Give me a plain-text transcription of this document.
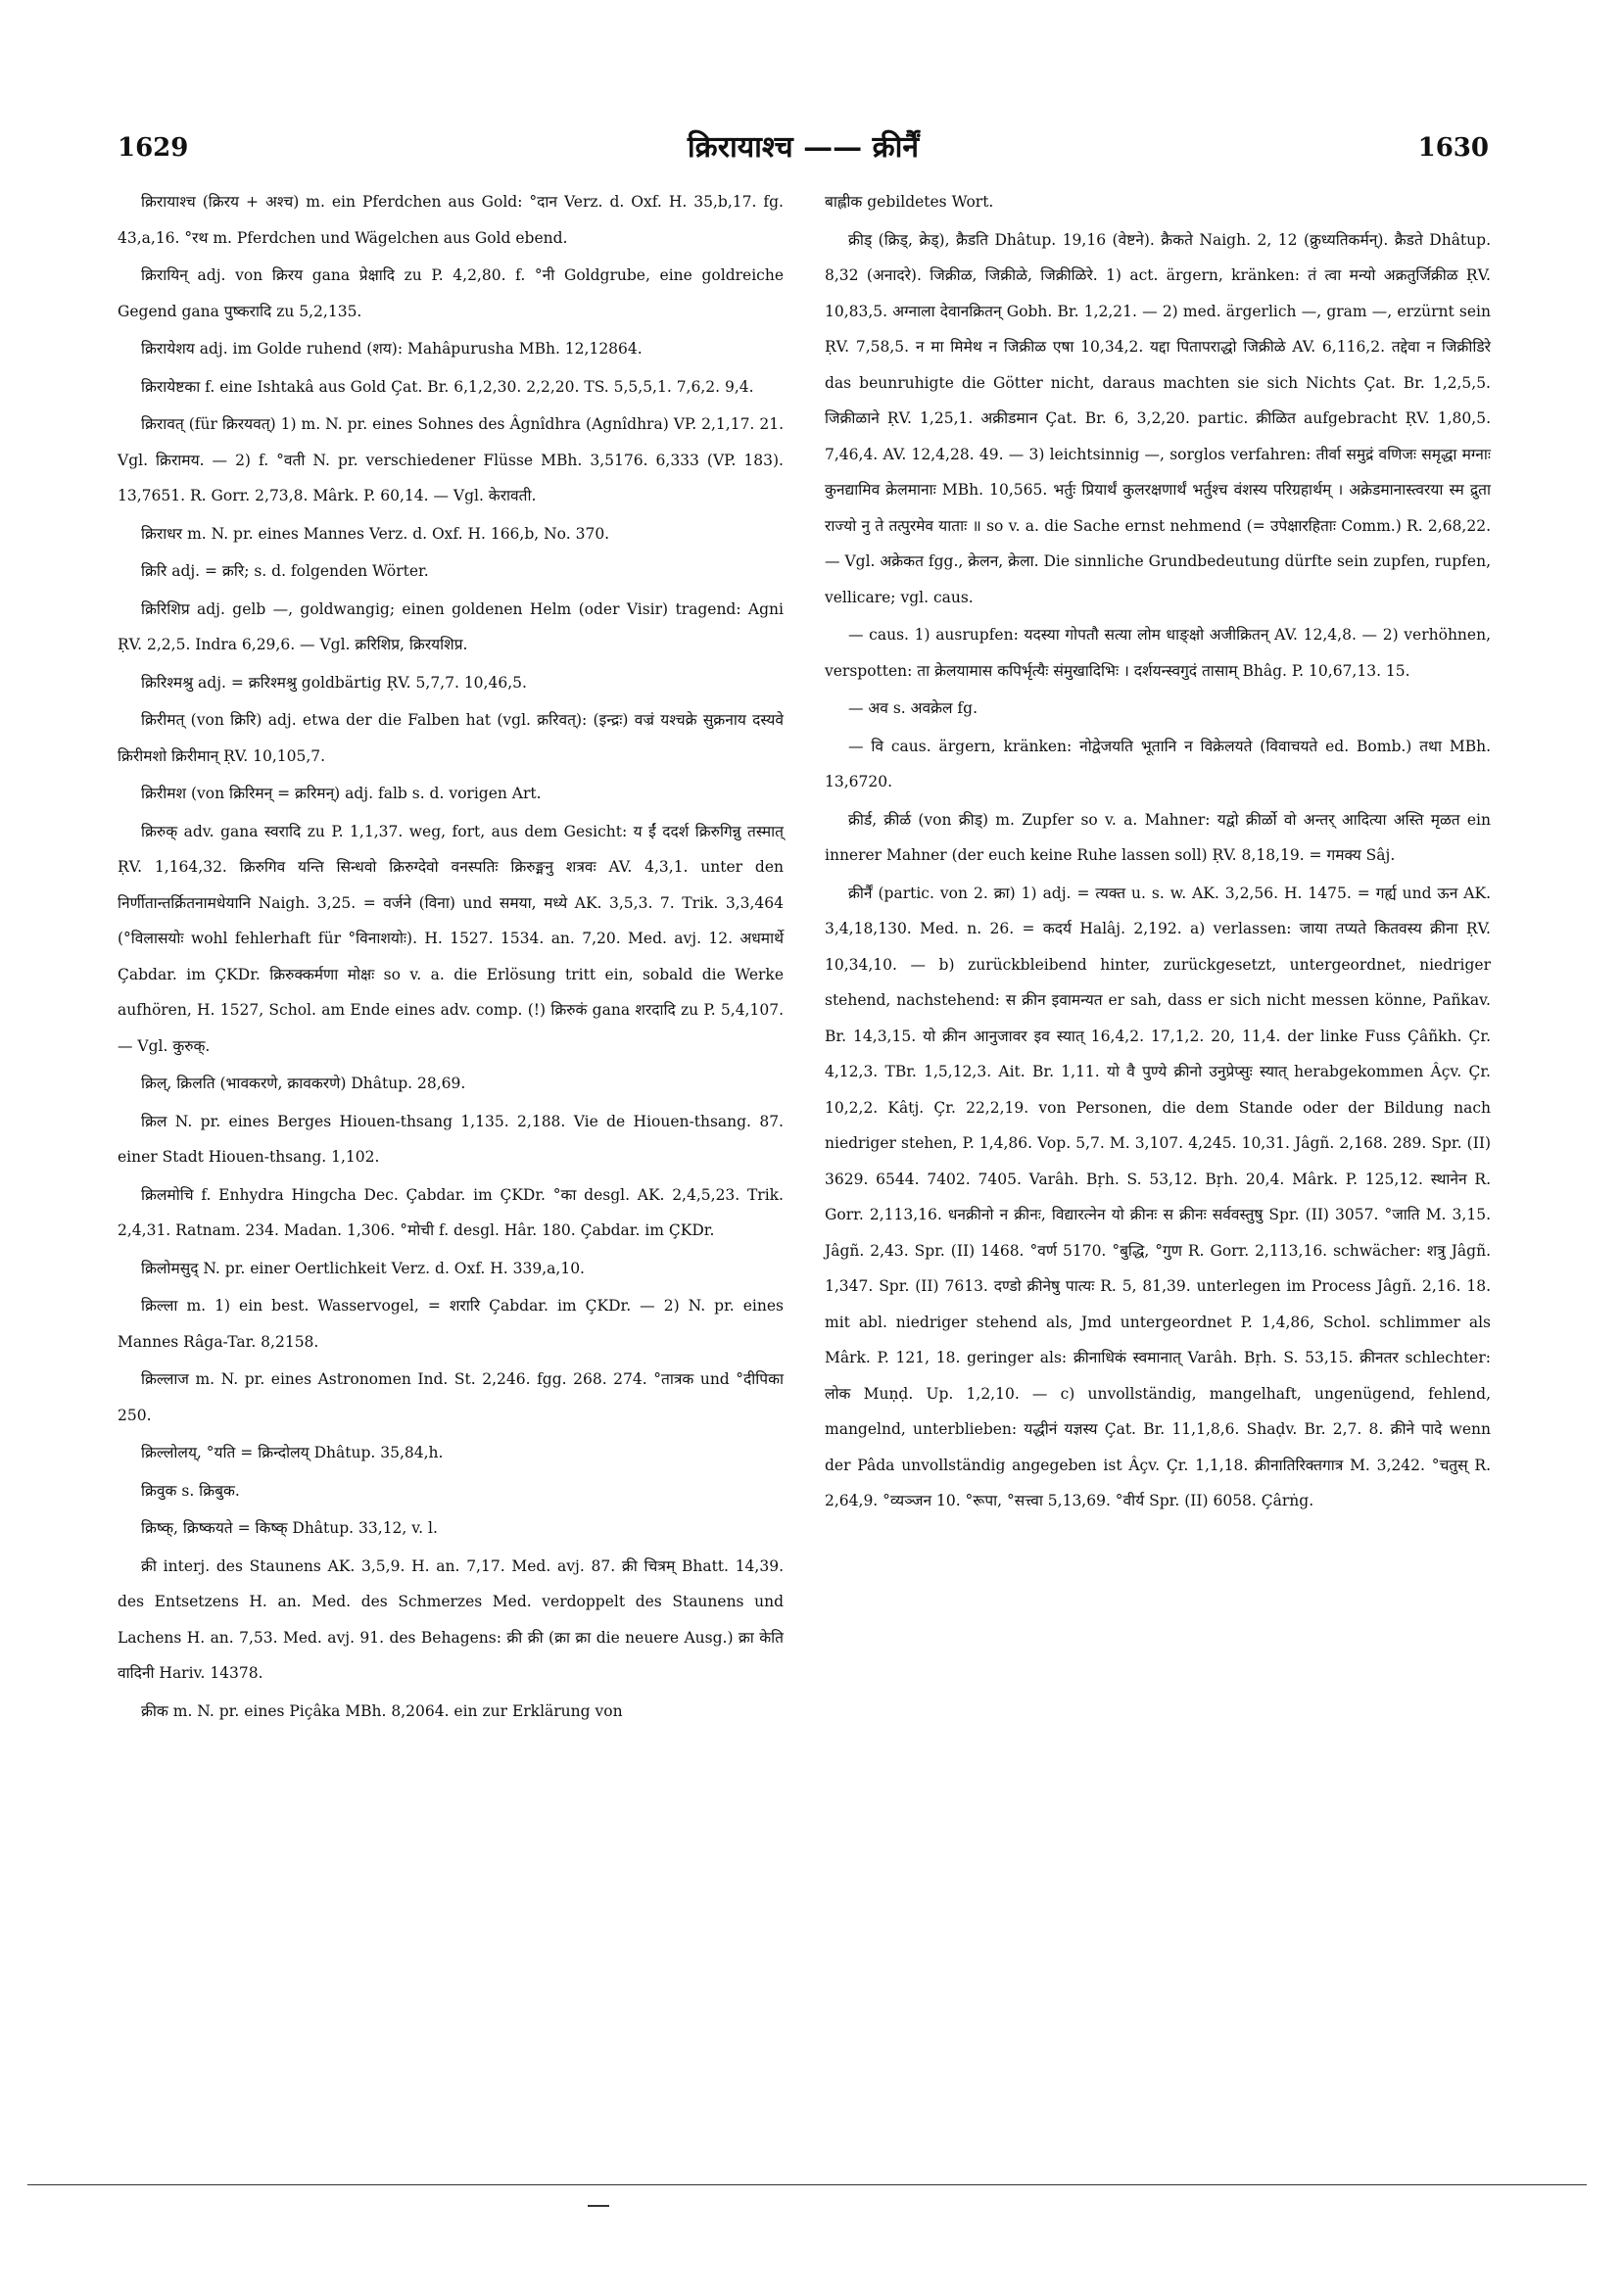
1629	क्रिरायाश्च —— क्रीर्नैं	1630

क्रिरायाश्च (क्रिरय + अश्च) m. ein Pferdchen aus Gold: °दान Verz. d. Oxf. H. 35,b,17. fg. 43,a,16. °रथ m. Pferdchen und Wägelchen aus Gold ebend.

क्रिरायिन् adj. von क्रिरय gana प्रेक्षादि zu P. 4,2,80. f. °नी Goldgrube, eine goldreiche Gegend gana पुष्करादि zu 5,2,135.

क्रिरायेशय adj. im Golde ruhend (शय): Mahâpurusha MBh. 12,12864.

क्रिरायेष्टका f. eine Ishtakâ aus Gold Çat. Br. 6,1,2,30. 2,2,20. TS. 5,5,5,1. 7,6,2. 9,4.

क्रिरावत् (für क्रिरयवत्) 1) m. N. pr. eines Sohnes des Âgnîdhra (Agnîdhra) VP. 2,1,17. 21. Vgl. क्रिरामय. — 2) f. °वती N. pr. verschiedener Flüsse MBh. 3,5176. 6,333 (VP. 183). 13,7651. R. Gorr. 2,73,8. Mârk. P. 60,14. — Vgl. केरावती.

क्रिराधर m. N. pr. eines Mannes Verz. d. Oxf. H. 166,b, No. 370.

क्रिरि adj. = क्ररि; s. d. folgenden Wörter.

क्रिरिशिप्र adj. gelb —, goldwangig; einen goldenen Helm (oder Visir) tragend: Agni ṚV. 2,2,5. Indra 6,29,6. — Vgl. क्ररिशिप्र, क्रिरयशिप्र.

क्रिरिश्मश्रु adj. = क्ररिश्मश्रु goldbärtig ṚV. 5,7,7. 10,46,5.

क्रिरीमत् (von क्रिरि) adj. etwa der die Falben hat (vgl. क्ररिवत्): (इन्द्रः) वज्रं यश्चक्रे सुक्रनाय दस्यवे क्रिरीमशो क्रिरीमान् ṚV. 10,105,7.

क्रिरीमश (von क्रिरिमन् = क्ररिमन्) adj. falb s. d. vorigen Art.

क्रिरुक् adv. gana स्वरादि zu P. 1,1,37. weg, fort, aus dem Gesicht: य ईं ददर्श क्रिरुगिन्नु तस्मात् ṚV. 1,164,32. क्रिरुगिव यन्ति सिन्धवो क्रिरुग्देवो वनस्पतिः क्रिरुङ्मनु शत्रवः AV. 4,3,1. unter den निर्णीतान्तर्क्रितनामधेयानि Naigh. 3,25. = वर्जने (विना) und समया, मध्ये AK. 3,5,3. 7. Trik. 3,3,464 (°विलासयोः wohl fehlerhaft für °विनाशयोः). H. 1527. 1534. an. 7,20. Med. avj. 12. अधमार्थे Çabdar. im ÇKDr. क्रिरुक्कर्मणा मोक्षः so v. a. die Erlösung tritt ein, sobald die Werke aufhören, H. 1527, Schol. am Ende eines adv. comp. (!) क्रिरुकं gana शरदादि zu P. 5,4,107. — Vgl. कुरुक्.

क्रिल्, क्रिलति (भावकरणे, क्रावकरणे) Dhâtup. 28,69.

क्रिल N. pr. eines Berges Hiouen-thsang 1,135. 2,188. Vie de Hiouen-thsang. 87. einer Stadt Hiouen-thsang. 1,102.

क्रिलमोचि f. Enhydra Hingcha Dec. Çabdar. im ÇKDr. °का desgl. AK. 2,4,5,23. Trik. 2,4,31. Ratnam. 234. Madan. 1,306. °मोची f. desgl. Hâr. 180. Çabdar. im ÇKDr.

क्रिलोमसुद् N. pr. einer Oertlichkeit Verz. d. Oxf. H. 339,a,10.

क्रिल्ला m. 1) ein best. Wasservogel, = शरारि Çabdar. im ÇKDr. — 2) N. pr. eines Mannes Râga-Tar. 8,2158.

क्रिल्लाज m. N. pr. eines Astronomen Ind. St. 2,246. fgg. 268. 274. °तात्रक und °दीपिका 250.

क्रिल्लोलय्, °यति = क्रिन्दोलय् Dhâtup. 35,84,h.

क्रिवुक s. क्रिबुक.

क्रिष्क्, क्रिष्कयते = किष्क् Dhâtup. 33,12, v. l.

क्री interj. des Staunens AK. 3,5,9. H. an. 7,17. Med. avj. 87. क्री चित्रम् Bhatt. 14,39. des Entsetzens H. an. Med. des Schmerzes Med. verdoppelt des Staunens und Lachens H. an. 7,53. Med. avj. 91. des Behagens: क्री क्री (क्रा क्रा die neuere Ausg.) क्रा केति वादिनी Hariv. 14378.

क्रीक m. N. pr. eines Piçâka MBh. 8,2064. ein zur Erklärung von

बाह्लीक gebildetes Wort.

क्रीड् (क्रिड्, क्रेड्), क्रैडति Dhâtup. 19,16 (वेष्टने). क्रैकते Naigh. 2, 12 (क्रुध्यतिकर्मन्). क्रैडते Dhâtup. 8,32 (अनादरे). जिक्रीळ, जिक्रीळे, जिक्रीळिरे. 1) act. ärgern, kränken: तं त्वा मन्यो अक्रतुर्जिक्रीळ ṚV. 10,83,5. अग्नाला देवानक्रितन् Gobh. Br. 1,2,21. — 2) med. ärgerlich —, gram —, erzürnt sein ṚV. 7,58,5. न मा मिमेथ न जिक्रीळ एषा 10,34,2. यद्दा पितापराद्धो जिक्रीळे AV. 6,116,2. तद्देवा न जिक्रीडिरे das beunruhigte die Götter nicht, daraus machten sie sich Nichts Çat. Br. 1,2,5,5. जिक्रीळाने ṚV. 1,25,1. अक्रीडमान Çat. Br. 6, 3,2,20. partic. क्रीळित aufgebracht ṚV. 1,80,5. 7,46,4. AV. 12,4,28. 49. — 3) leichtsinnig —, sorglos verfahren: तीर्वा समुद्रं वणिजः समृद्धा मग्नाः कुनद्यामिव क्रेलमानाः MBh. 10,565. भर्तुः प्रियार्थं कुलरक्षणार्थं भर्तुश्च वंशस्य परिग्रहार्थम् । अक्रेडमानास्त्वरया स्म द्रुता राज्यो नु ते तत्पुरमेव याताः ॥ so v. a. die Sache ernst nehmend (= उपेक्षारहिताः Comm.) R. 2,68,22. — Vgl. अक्रेकत fgg., क्रेलन, क्रेला. Die sinnliche Grundbedeutung dürfte sein zupfen, rupfen, vellicare; vgl. caus.

— caus. 1) ausrupfen: यदस्या गोपतौ सत्या लोम धाङ्क्षो अजीक्रितन् AV. 12,4,8. — 2) verhöhnen, verspotten: ता क्रेलयामास कपिर्भृत्यैः संमुखादिभिः । दर्शयन्स्वगुदं तासाम् Bhâg. P. 10,67,13. 15.

— अव s. अवक्रेल fg.

— वि caus. ärgern, kränken: नोद्वेजयति भूतानि न विक्रेलयते (विवाचयते ed. Bomb.) तथा MBh. 13,6720.

क्रीर्ड, क्रीर्ळ (von क्रीड्) m. Zupfer so v. a. Mahner: यद्वो क्रीर्ळो वो अन्तर् आदित्या अस्ति मृळत ein innerer Mahner (der euch keine Ruhe lassen soll) ṚV. 8,18,19. = गमक्य Sâj.

क्रीर्नैं (partic. von 2. क्रा) 1) adj. = त्यक्त u. s. w. AK. 3,2,56. H. 1475. = गर्ह्य und ऊन AK. 3,4,18,130. Med. n. 26. = कदर्य Halâj. 2,192. a) verlassen: जाया तप्यते कितवस्य क्रीना ṚV. 10,34,10. — b) zurückbleibend hinter, zurückgesetzt, untergeordnet, niedriger stehend, nachstehend: स क्रीन इवामन्यत er sah, dass er sich nicht messen könne, Pañkav. Br. 14,3,15. यो क्रीन आनुजावर इव स्यात् 16,4,2. 17,1,2. 20, 11,4. der linke Fuss Çâñkh. Çr. 4,12,3. TBr. 1,5,12,3. Ait. Br. 1,11. यो वै पुण्ये क्रीनो उनुप्रेप्सुः स्यात् herabgekommen Âçv. Çr. 10,2,2. Kâtj. Çr. 22,2,19. von Personen, die dem Stande oder der Bildung nach niedriger stehen, P. 1,4,86. Vop. 5,7. M. 3,107. 4,245. 10,31. Jâgñ. 2,168. 289. Spr. (II) 3629. 6544. 7402. 7405. Varâh. Bṛh. S. 53,12. Bṛh. 20,4. Mârk. P. 125,12. स्थानेन R. Gorr. 2,113,16. धनक्रीनो न क्रीनः, विद्यारत्नेन यो क्रीनः स क्रीनः सर्ववस्तुषु Spr. (II) 3057. °जाति M. 3,15. Jâgñ. 2,43. Spr. (II) 1468. °वर्ण 5170. °बुद्धि, °गुण R. Gorr. 2,113,16. schwächer: शत्रु Jâgñ. 1,347. Spr. (II) 7613. दण्डो क्रीनेषु पात्यः R. 5, 81,39. unterlegen im Process Jâgñ. 2,16. 18. mit abl. niedriger stehend als, Jmd untergeordnet P. 1,4,86, Schol. schlimmer als Mârk. P. 121, 18. geringer als: क्रीनाधिकं स्वमानात् Varâh. Bṛh. S. 53,15. क्रीनतर schlechter: लोक Muṇḍ. Up. 1,2,10. — c) unvollständig, mangelhaft, ungenügend, fehlend, mangelnd, unterblieben: यद्धीनं यज्ञस्य Çat. Br. 11,1,8,6. Shaḍv. Br. 2,7. 8. क्रीने पादे wenn der Pâda unvollständig angegeben ist Âçv. Çr. 1,1,18. क्रीनातिरिक्तगात्र M. 3,242. °चतुस् R. 2,64,9. °व्यञ्जन 10. °रूपा, °सत्त्वा 5,13,69. °वीर्य Spr. (II) 6058. Çârṅg.
